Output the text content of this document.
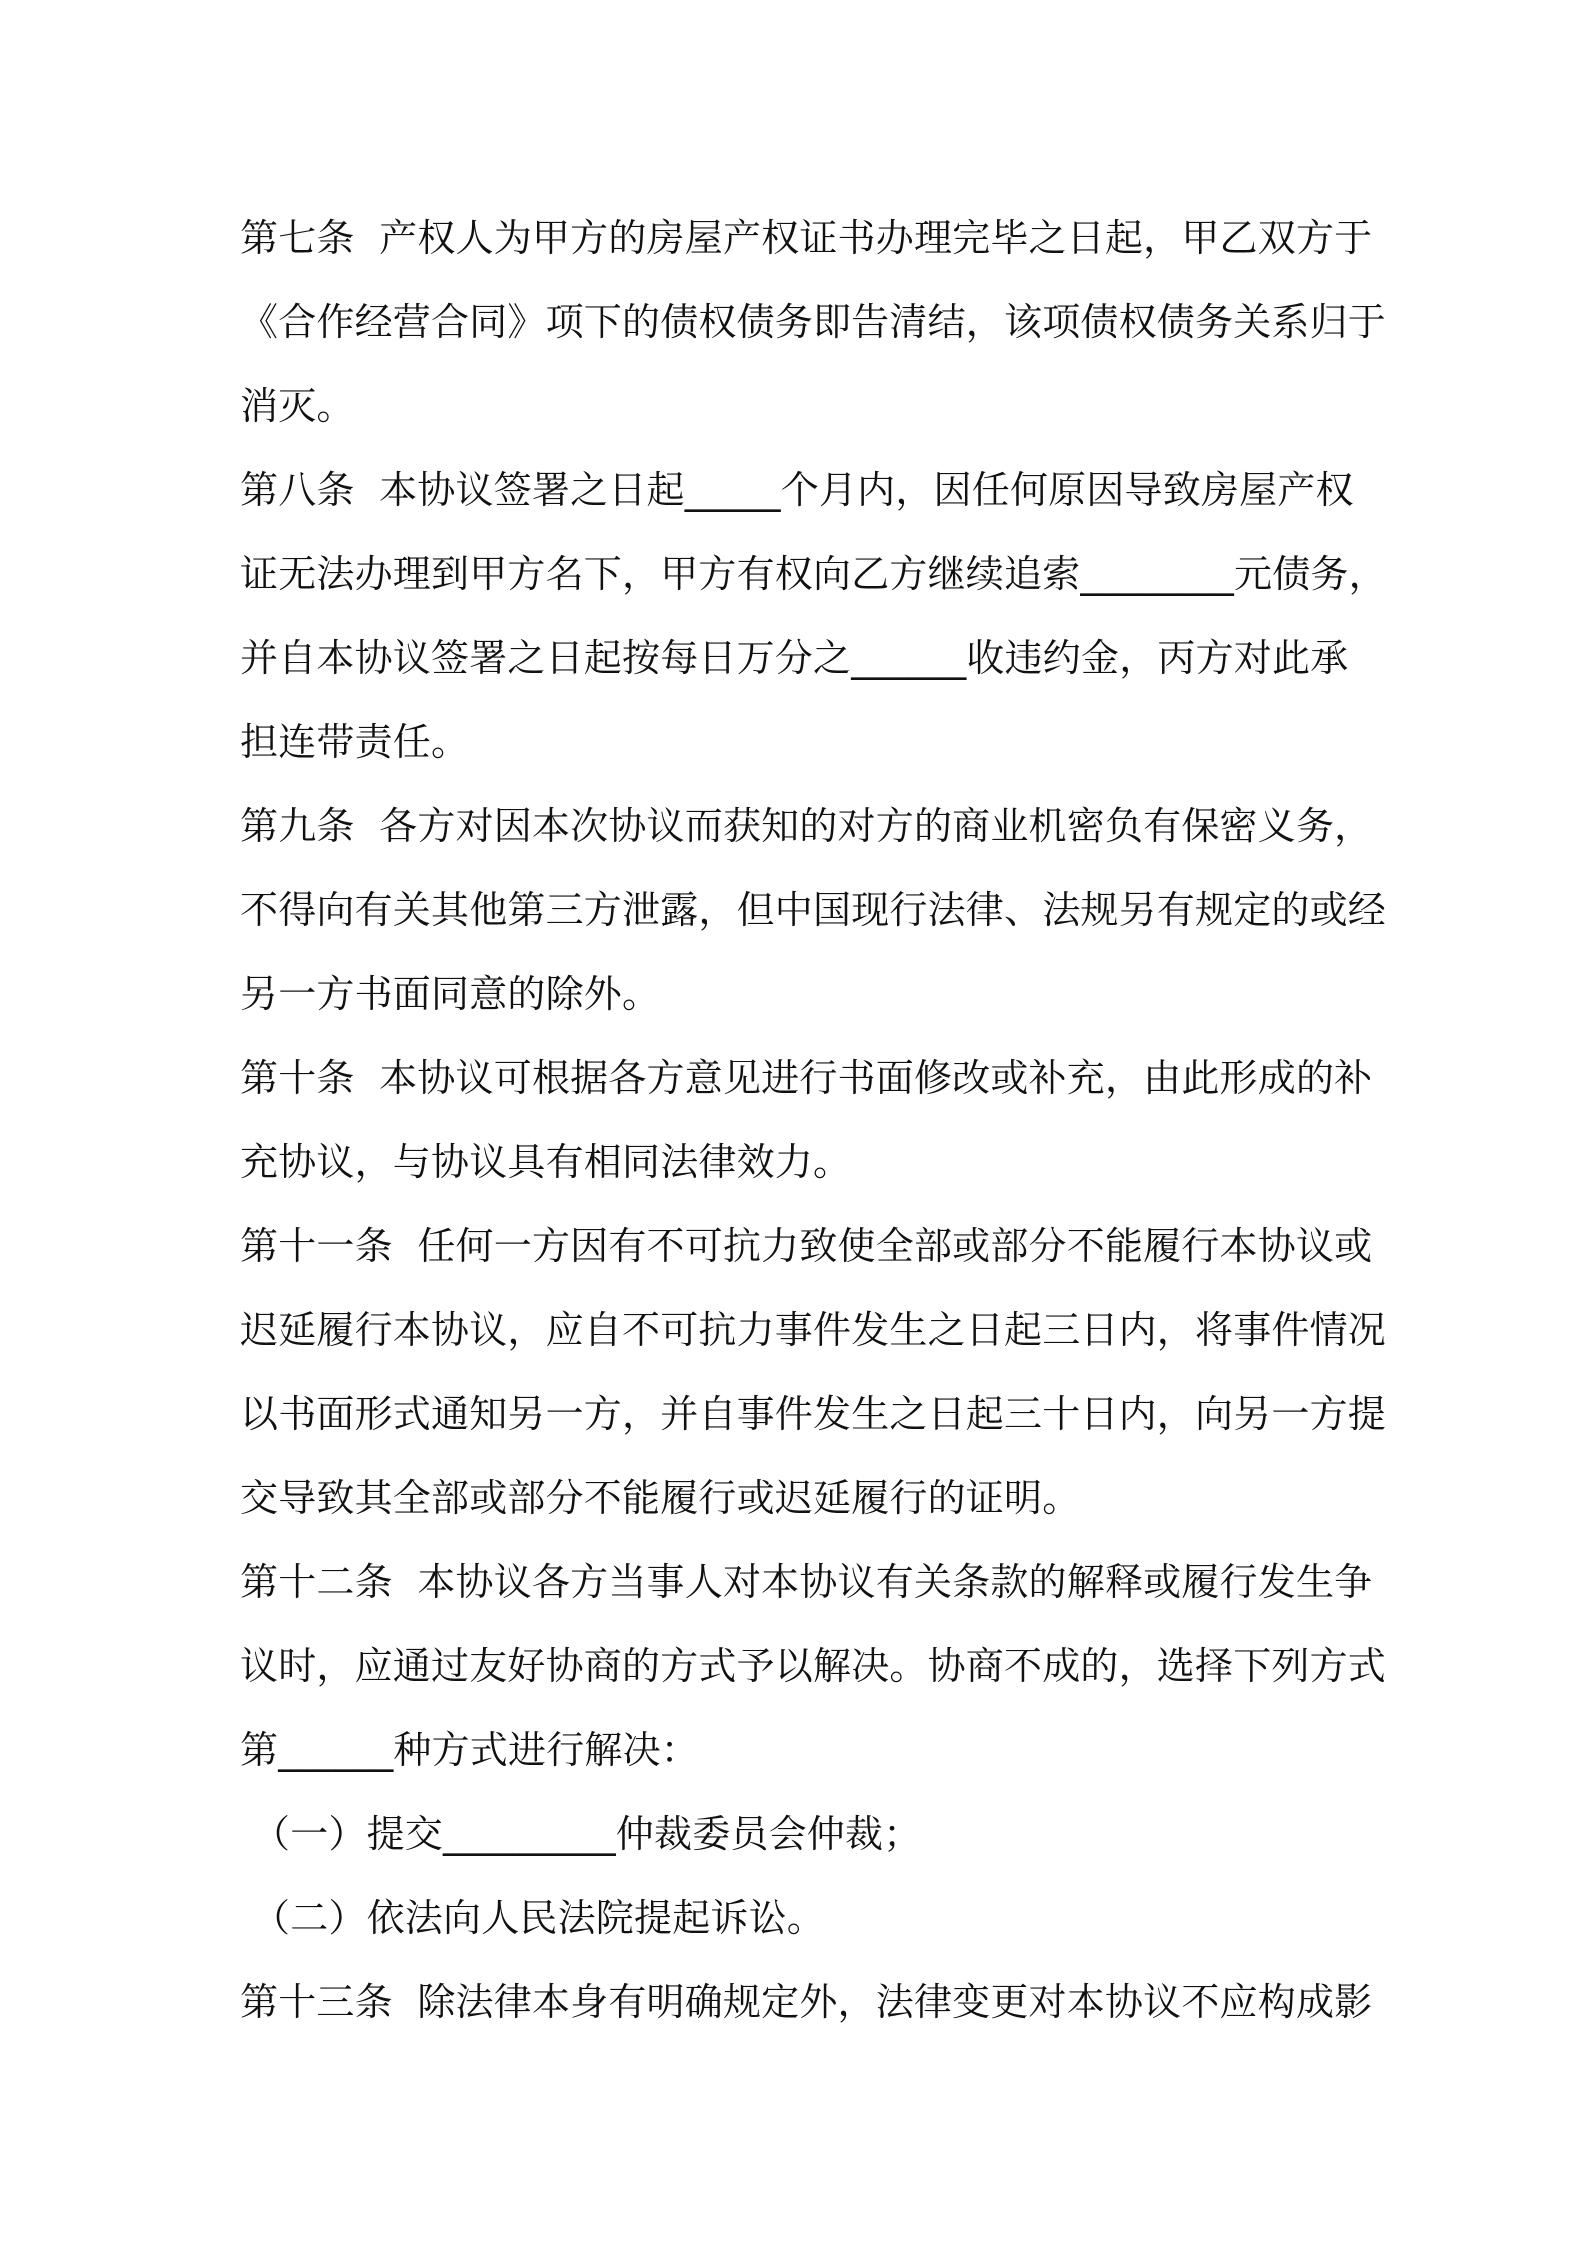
第七条  产权人为甲方的房屋产权证书办理完毕之日起，甲乙双方于
《合作经营合同》项下的债权债务即告清结，该项债权债务关系归于
消灭。
第八条  本协议签署之日起_____个月内，因任何原因导致房屋产权
证无法办理到甲方名下，甲方有权向乙方继续追索________元债务，
并自本协议签署之日起按每日万分之______收违约金，丙方对此承
担连带责任。
第九条  各方对因本次协议而获知的对方的商业机密负有保密义务，
不得向有关其他第三方泄露，但中国现行法律、法规另有规定的或经
另一方书面同意的除外。
第十条  本协议可根据各方意见进行书面修改或补充，由此形成的补
充协议，与协议具有相同法律效力。
第十一条  任何一方因有不可抗力致使全部或部分不能履行本协议或
迟延履行本协议，应自不可抗力事件发生之日起三日内，将事件情况
以书面形式通知另一方，并自事件发生之日起三十日内，向另一方提
交导致其全部或部分不能履行或迟延履行的证明。
第十二条  本协议各方当事人对本协议有关条款的解释或履行发生争
议时，应通过友好协商的方式予以解决。协商不成的，选择下列方式
第______种方式进行解决：
（一）提交_________仲裁委员会仲裁；
（二）依法向人民法院提起诉讼。
第十三条  除法律本身有明确规定外，法律变更对本协议不应构成影
